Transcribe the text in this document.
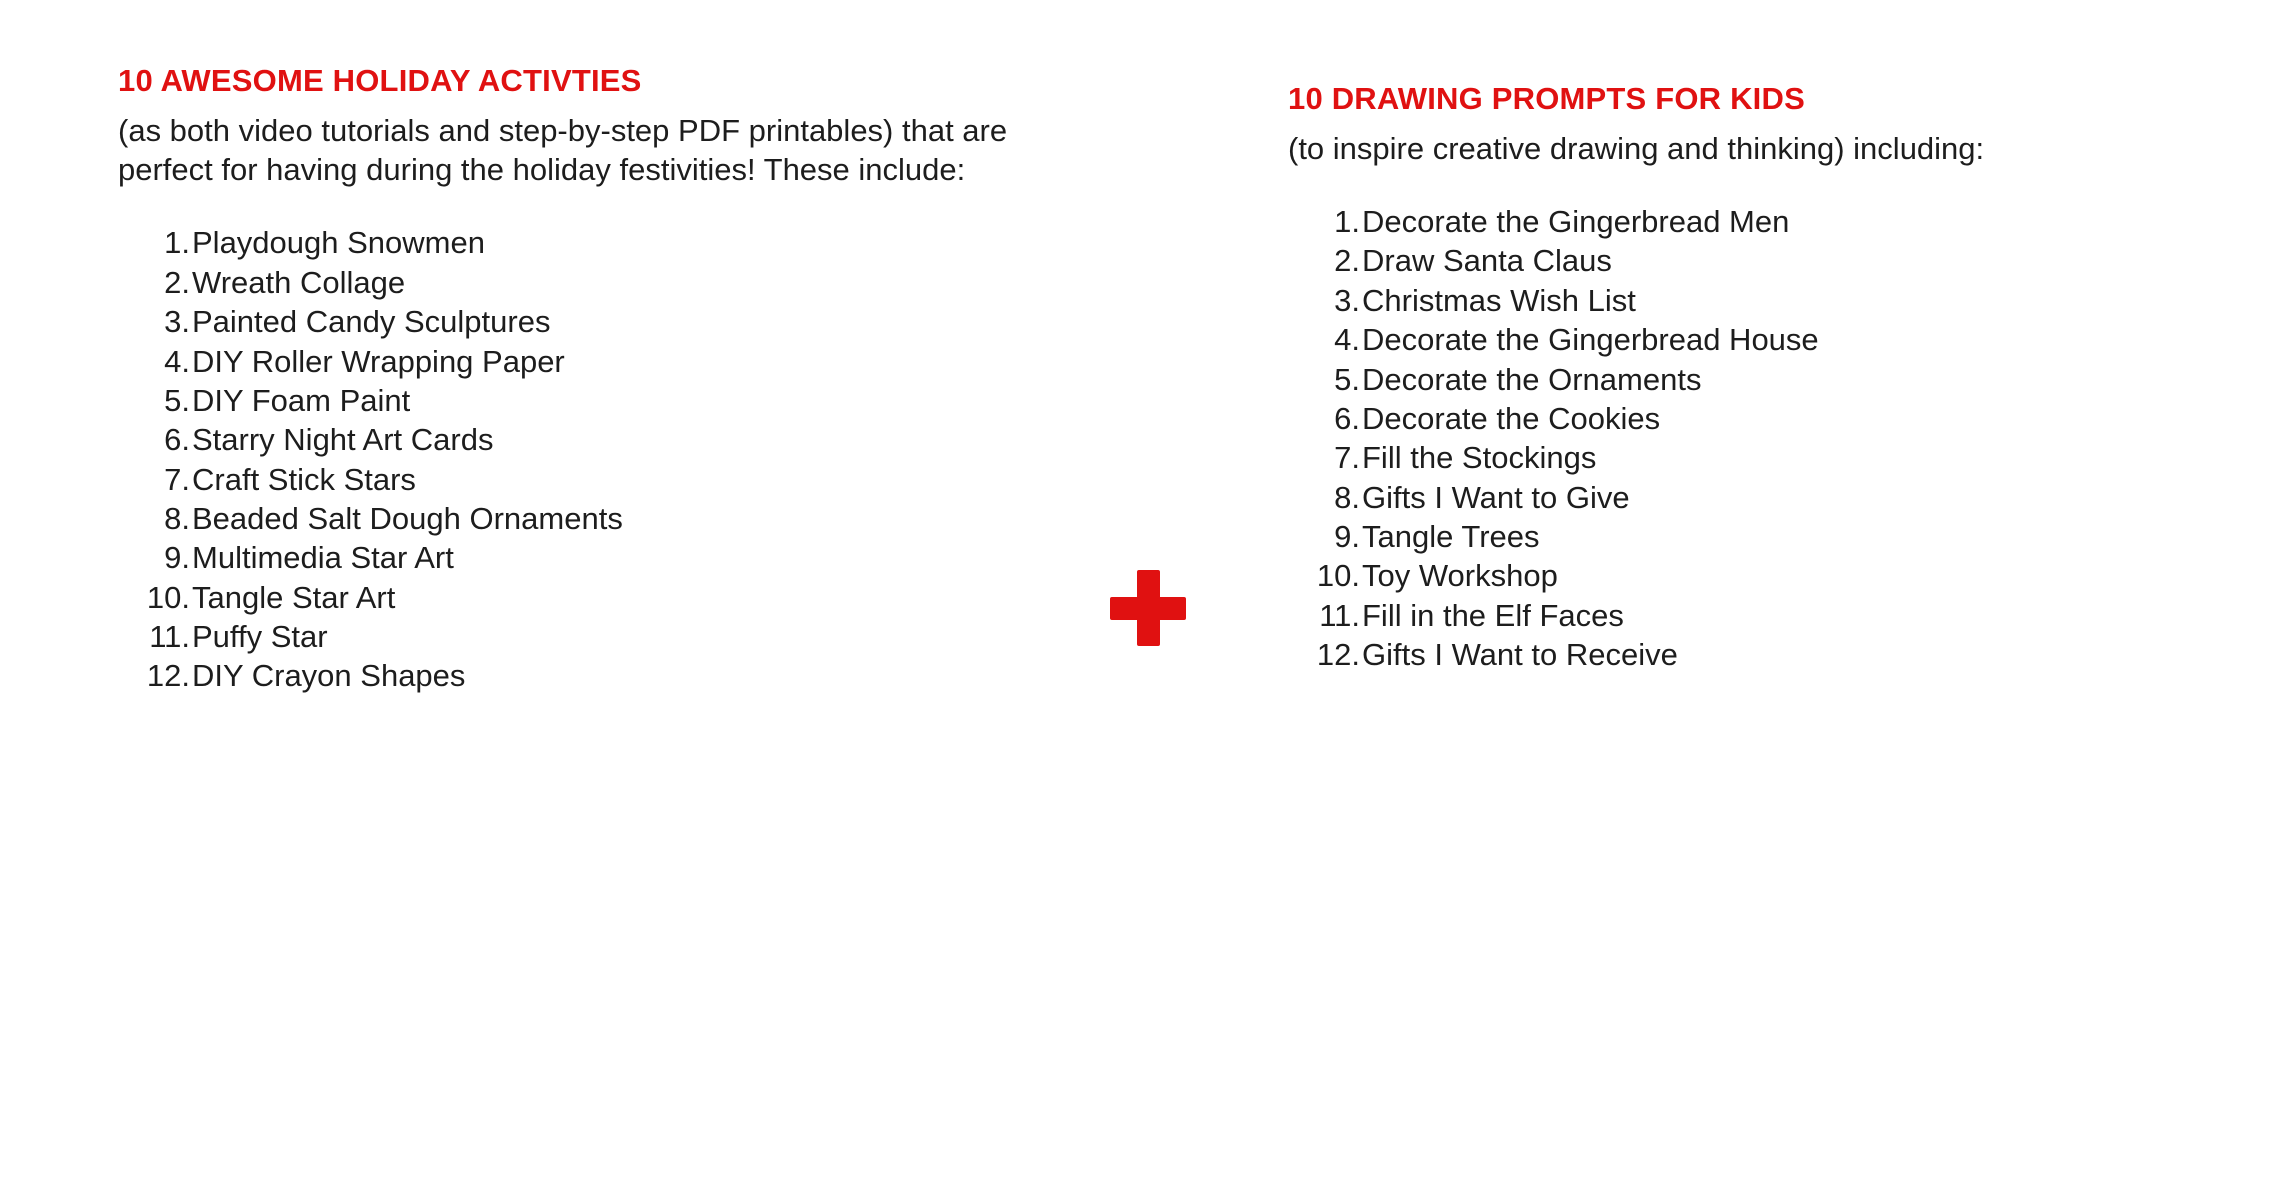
10 AWESOME HOLIDAY ACTIVTIES

(as both video tutorials and step-by-step PDF printables) that are perfect for having during the holiday festivities! These include:

1. Playdough Snowmen
2. Wreath Collage
3. Painted Candy Sculptures
4. DIY Roller Wrapping Paper
5. DIY Foam Paint
6. Starry Night Art Cards
7. Craft Stick Stars
8. Beaded Salt Dough Ornaments
9. Multimedia Star Art
10. Tangle Star Art
11. Puffy Star
12. DIY Crayon Shapes
10 DRAWING PROMPTS FOR KIDS

(to inspire creative drawing and thinking) including:

1. Decorate the Gingerbread Men
2. Draw Santa Claus
3. Christmas Wish List
4. Decorate the Gingerbread House
5. Decorate the Ornaments
6. Decorate the Cookies
7. Fill the Stockings
8. Gifts I Want to Give
9. Tangle Trees
10. Toy Workshop
11. Fill in the Elf Faces
12. Gifts I Want to Receive
